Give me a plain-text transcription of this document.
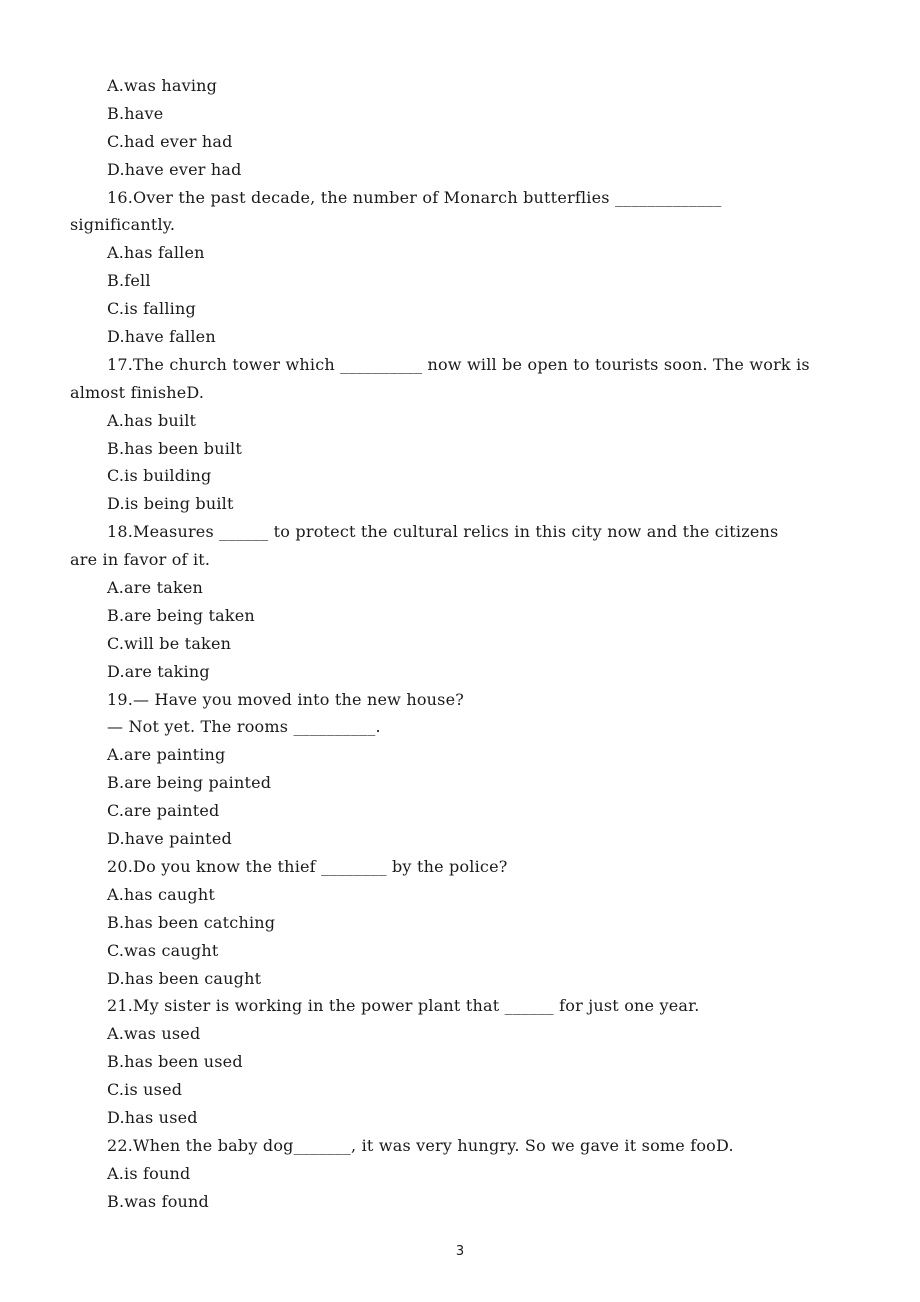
A.was having
B.have
C.had ever had
D.have ever had
16.Over the past decade, the number of Monarch butterflies _____________
significantly.
A.has fallen
B.fell
C.is falling
D.have fallen
17.The church tower which __________ now will be open to tourists soon. The work is
almost finisheD.
A.has built
B.has been built
C.is building
D.is being built
18.Measures ______ to protect the cultural relics in this city now and the citizens
are in favor of it.
A.are taken
B.are being taken
C.will be taken
D.are taking
19.— Have you moved into the new house?
— Not yet. The rooms __________.
A.are painting
B.are being painted
C.are painted
D.have painted
20.Do you know the thief ________ by the police?
A.has caught
B.has been catching
C.was caught
D.has been caught
21.My sister is working in the power plant that ______ for just one year.
A.was used
B.has been used
C.is used
D.has used
22.When the baby dog_______, it was very hungry. So we gave it some fooD.
A.is found
B.was found
3
